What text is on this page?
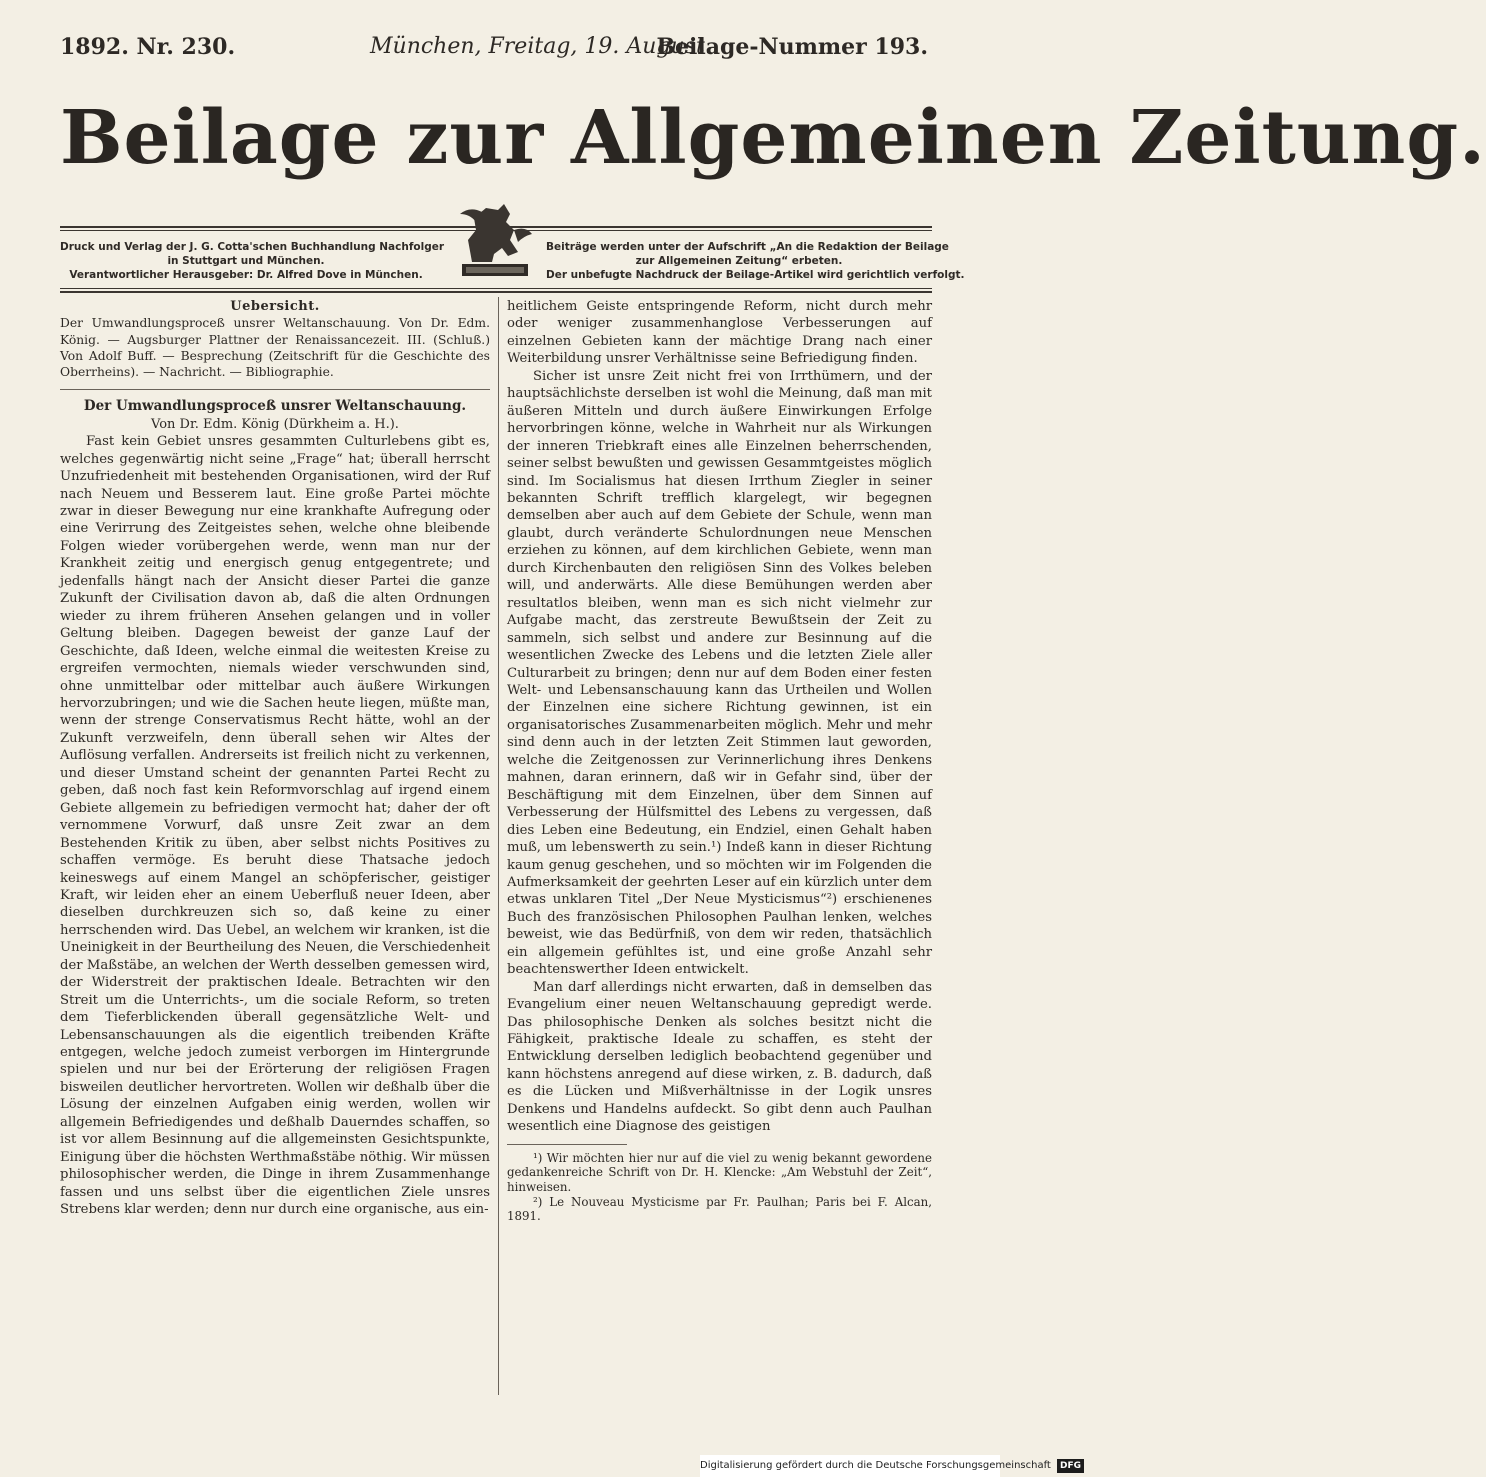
1892. Nr. 230.	München, Freitag, 19. August.
Beilage-Nummer 193.
Beilage zur Allgemeinen Zeitung.
Druck und Verlag der J. G. Cotta'schen Buchhandlung Nachfolger
in Stuttgart und München.
Verantwortlicher Herausgeber: Dr. Alfred Dove in München.
Beiträge werden unter der Aufschrift „An die Redaktion der Beilage
zur Allgemeinen Zeitung“ erbeten.
Der unbefugte Nachdruck der Beilage-Artikel wird gerichtlich verfolgt.

Uebersicht.

Der Umwandlungsproceß unsrer Weltanschauung. Von Dr. Edm. König. — Augsburger Plattner der Renaissancezeit. III. (Schluß.) Von Adolf Buff. — Besprechung (Zeitschrift für die Geschichte des Oberrheins). — Nachricht. — Bibliographie.

Der Umwandlungsproceß unsrer Weltanschauung.

Von Dr. Edm. König (Dürkheim a. H.).

Fast kein Gebiet unsres gesammten Culturlebens gibt es, welches gegenwärtig nicht seine „Frage“ hat; überall herrscht Unzufriedenheit mit bestehenden Organisationen, wird der Ruf nach Neuem und Besserem laut. Eine große Partei möchte zwar in dieser Bewegung nur eine krankhafte Aufregung oder eine Verirrung des Zeitgeistes sehen, welche ohne bleibende Folgen wieder vorübergehen werde, wenn man nur der Krankheit zeitig und energisch genug entgegentrete; und jedenfalls hängt nach der Ansicht dieser Partei die ganze Zukunft der Civilisation davon ab, daß die alten Ordnungen wieder zu ihrem früheren Ansehen gelangen und in voller Geltung bleiben. Dagegen beweist der ganze Lauf der Geschichte, daß Ideen, welche einmal die weitesten Kreise zu ergreifen vermochten, niemals wieder verschwunden sind, ohne unmittelbar oder mittelbar auch äußere Wirkungen hervorzubringen; und wie die Sachen heute liegen, müßte man, wenn der strenge Conservatismus Recht hätte, wohl an der Zukunft verzweifeln, denn überall sehen wir Altes der Auflösung verfallen. Andrerseits ist freilich nicht zu verkennen, und dieser Umstand scheint der genannten Partei Recht zu geben, daß noch fast kein Reformvorschlag auf irgend einem Gebiete allgemein zu befriedigen vermocht hat; daher der oft vernommene Vorwurf, daß unsre Zeit zwar an dem Bestehenden Kritik zu üben, aber selbst nichts Positives zu schaffen vermöge. Es beruht diese Thatsache jedoch keineswegs auf einem Mangel an schöpferischer, geistiger Kraft, wir leiden eher an einem Ueberfluß neuer Ideen, aber dieselben durchkreuzen sich so, daß keine zu einer herrschenden wird. Das Uebel, an welchem wir kranken, ist die Uneinigkeit in der Beurtheilung des Neuen, die Verschiedenheit der Maßstäbe, an welchen der Werth desselben gemessen wird, der Widerstreit der praktischen Ideale. Betrachten wir den Streit um die Unterrichts-, um die sociale Reform, so treten dem Tieferblickenden überall gegensätzliche Welt- und Lebensanschauungen als die eigentlich treibenden Kräfte entgegen, welche jedoch zumeist verborgen im Hintergrunde spielen und nur bei der Erörterung der religiösen Fragen bisweilen deutlicher hervortreten. Wollen wir deßhalb über die Lösung der einzelnen Aufgaben einig werden, wollen wir allgemein Befriedigendes und deßhalb Dauerndes schaffen, so ist vor allem Besinnung auf die allgemeinsten Gesichtspunkte, Einigung über die höchsten Werthmaßstäbe nöthig. Wir müssen philosophischer werden, die Dinge in ihrem Zusammenhange fassen und uns selbst über die eigentlichen Ziele unsres Strebens klar werden; denn nur durch eine organische, aus ein-

heitlichem Geiste entspringende Reform, nicht durch mehr oder weniger zusammenhanglose Verbesserungen auf einzelnen Gebieten kann der mächtige Drang nach einer Weiterbildung unsrer Verhältnisse seine Befriedigung finden.

Sicher ist unsre Zeit nicht frei von Irrthümern, und der hauptsächlichste derselben ist wohl die Meinung, daß man mit äußeren Mitteln und durch äußere Einwirkungen Erfolge hervorbringen könne, welche in Wahrheit nur als Wirkungen der inneren Triebkraft eines alle Einzelnen beherrschenden, seiner selbst bewußten und gewissen Gesammtgeistes möglich sind. Im Socialismus hat diesen Irrthum Ziegler in seiner bekannten Schrift trefflich klargelegt, wir begegnen demselben aber auch auf dem Gebiete der Schule, wenn man glaubt, durch veränderte Schulordnungen neue Menschen erziehen zu können, auf dem kirchlichen Gebiete, wenn man durch Kirchenbauten den religiösen Sinn des Volkes beleben will, und anderwärts. Alle diese Bemühungen werden aber resultatlos bleiben, wenn man es sich nicht vielmehr zur Aufgabe macht, das zerstreute Bewußtsein der Zeit zu sammeln, sich selbst und andere zur Besinnung auf die wesentlichen Zwecke des Lebens und die letzten Ziele aller Culturarbeit zu bringen; denn nur auf dem Boden einer festen Welt- und Lebensanschauung kann das Urtheilen und Wollen der Einzelnen eine sichere Richtung gewinnen, ist ein organisatorisches Zusammenarbeiten möglich. Mehr und mehr sind denn auch in der letzten Zeit Stimmen laut geworden, welche die Zeitgenossen zur Verinnerlichung ihres Denkens mahnen, daran erinnern, daß wir in Gefahr sind, über der Beschäftigung mit dem Einzelnen, über dem Sinnen auf Verbesserung der Hülfsmittel des Lebens zu vergessen, daß dies Leben eine Bedeutung, ein Endziel, einen Gehalt haben muß, um lebenswerth zu sein.¹) Indeß kann in dieser Richtung kaum genug geschehen, und so möchten wir im Folgenden die Aufmerksamkeit der geehrten Leser auf ein kürzlich unter dem etwas unklaren Titel „Der Neue Mysticismus“²) erschienenes Buch des französischen Philosophen Paulhan lenken, welches beweist, wie das Bedürfniß, von dem wir reden, thatsächlich ein allgemein gefühltes ist, und eine große Anzahl sehr beachtenswerther Ideen entwickelt.

Man darf allerdings nicht erwarten, daß in demselben das Evangelium einer neuen Weltanschauung gepredigt werde. Das philosophische Denken als solches besitzt nicht die Fähigkeit, praktische Ideale zu schaffen, es steht der Entwicklung derselben lediglich beobachtend gegenüber und kann höchstens anregend auf diese wirken, z. B. dadurch, daß es die Lücken und Mißverhältnisse in der Logik unsres Denkens und Handelns aufdeckt. So gibt denn auch Paulhan wesentlich eine Diagnose des geistigen

¹) Wir möchten hier nur auf die viel zu wenig bekannt gewordene gedankenreiche Schrift von Dr. H. Klencke: „Am Webstuhl der Zeit“, hinweisen.

²) Le Nouveau Mysticisme par Fr. Paulhan; Paris bei F. Alcan, 1891.

Digitalisierung gefördert durch die Deutsche Forschungsgemeinschaft DFG
